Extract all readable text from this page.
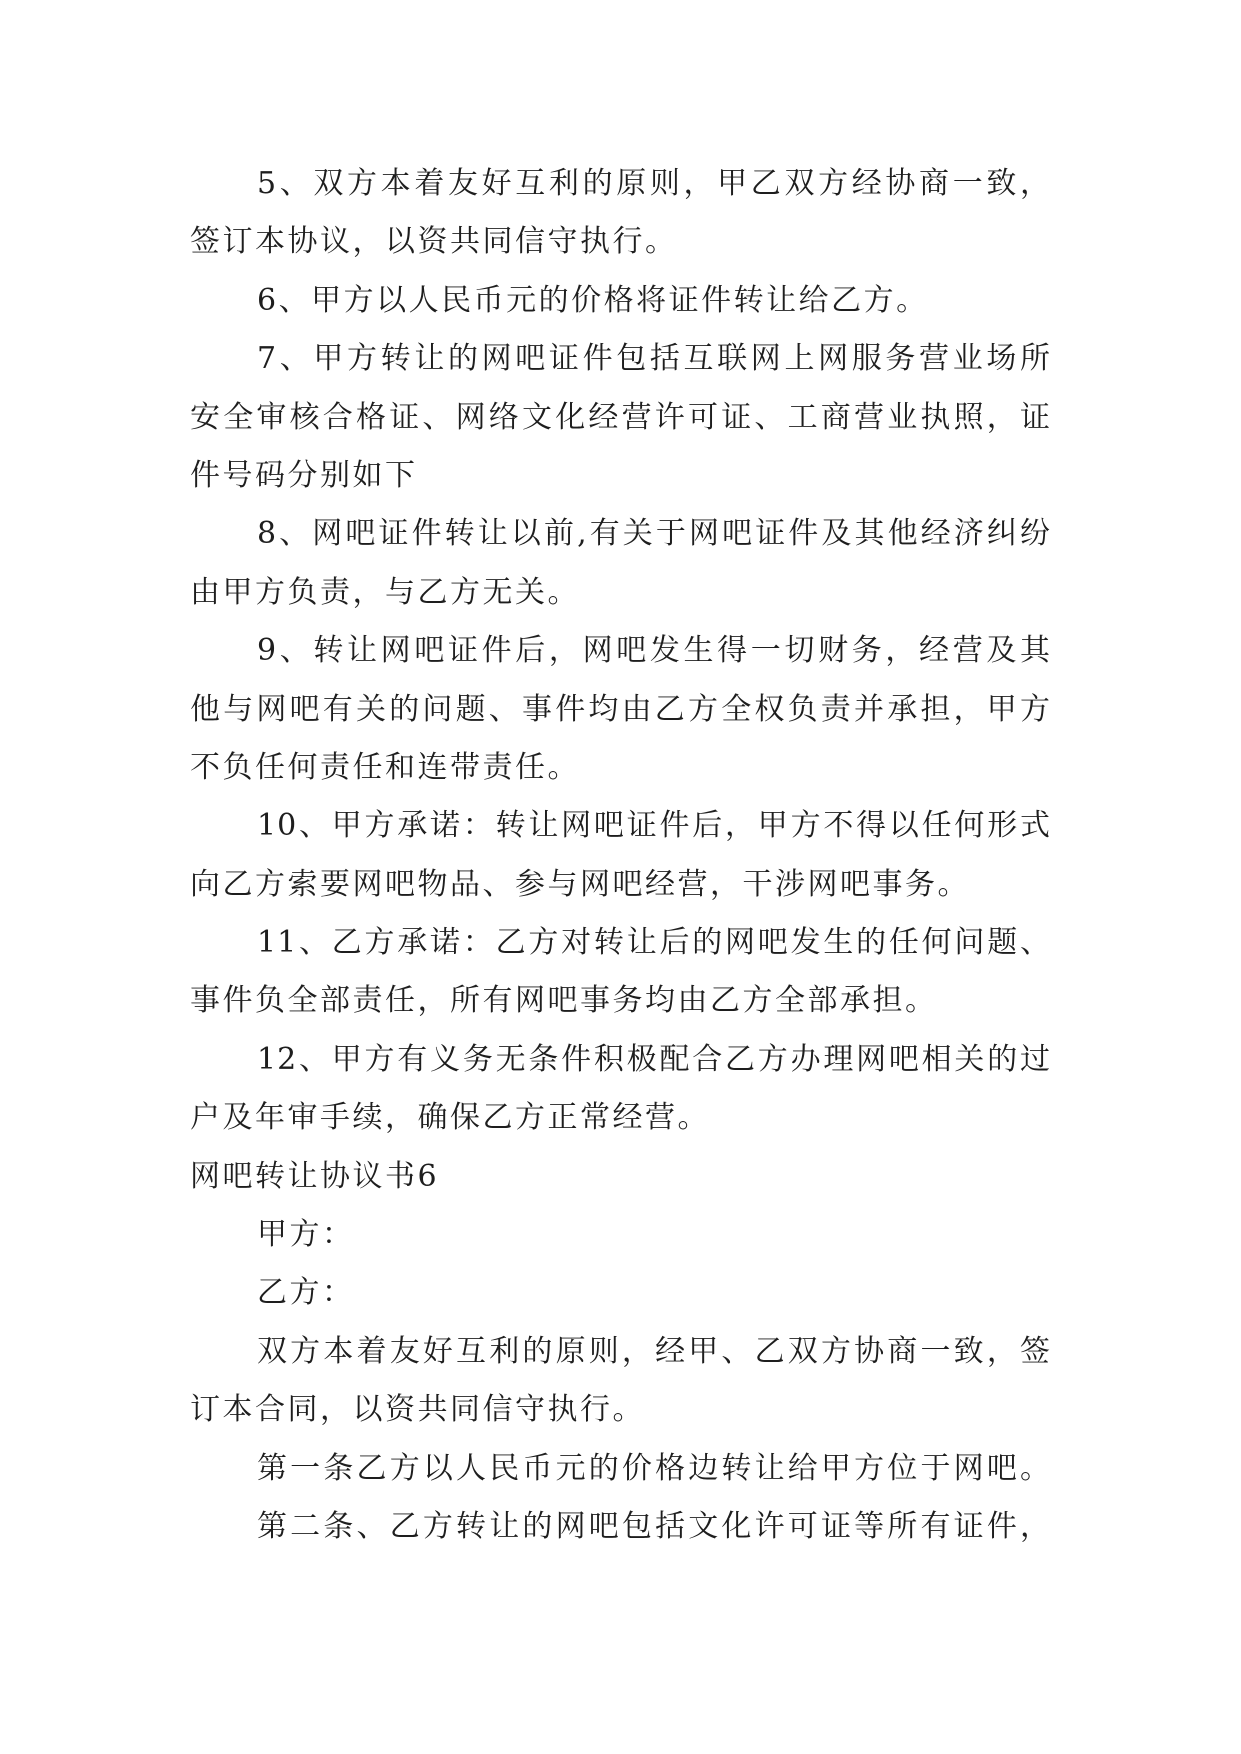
5、双方本着友好互利的原则，甲乙双方经协商一致，
签订本协议，以资共同信守执行。
6、甲方以人民币元的价格将证件转让给乙方。
7、甲方转让的网吧证件包括互联网上网服务营业场所
安全审核合格证、网络文化经营许可证、工商营业执照，证
件号码分别如下
8、网吧证件转让以前,有关于网吧证件及其他经济纠纷
由甲方负责，与乙方无关。
9、转让网吧证件后，网吧发生得一切财务，经营及其
他与网吧有关的问题、事件均由乙方全权负责并承担，甲方
不负任何责任和连带责任。
10、甲方承诺：转让网吧证件后，甲方不得以任何形式
向乙方索要网吧物品、参与网吧经营，干涉网吧事务。
11、乙方承诺：乙方对转让后的网吧发生的任何问题、
事件负全部责任，所有网吧事务均由乙方全部承担。
12、甲方有义务无条件积极配合乙方办理网吧相关的过
户及年审手续，确保乙方正常经营。
网吧转让协议书6
甲方：
乙方：
双方本着友好互利的原则，经甲、乙双方协商一致，签
订本合同，以资共同信守执行。
第一条乙方以人民币元的价格边转让给甲方位于网吧。
第二条、乙方转让的网吧包括文化许可证等所有证件，
